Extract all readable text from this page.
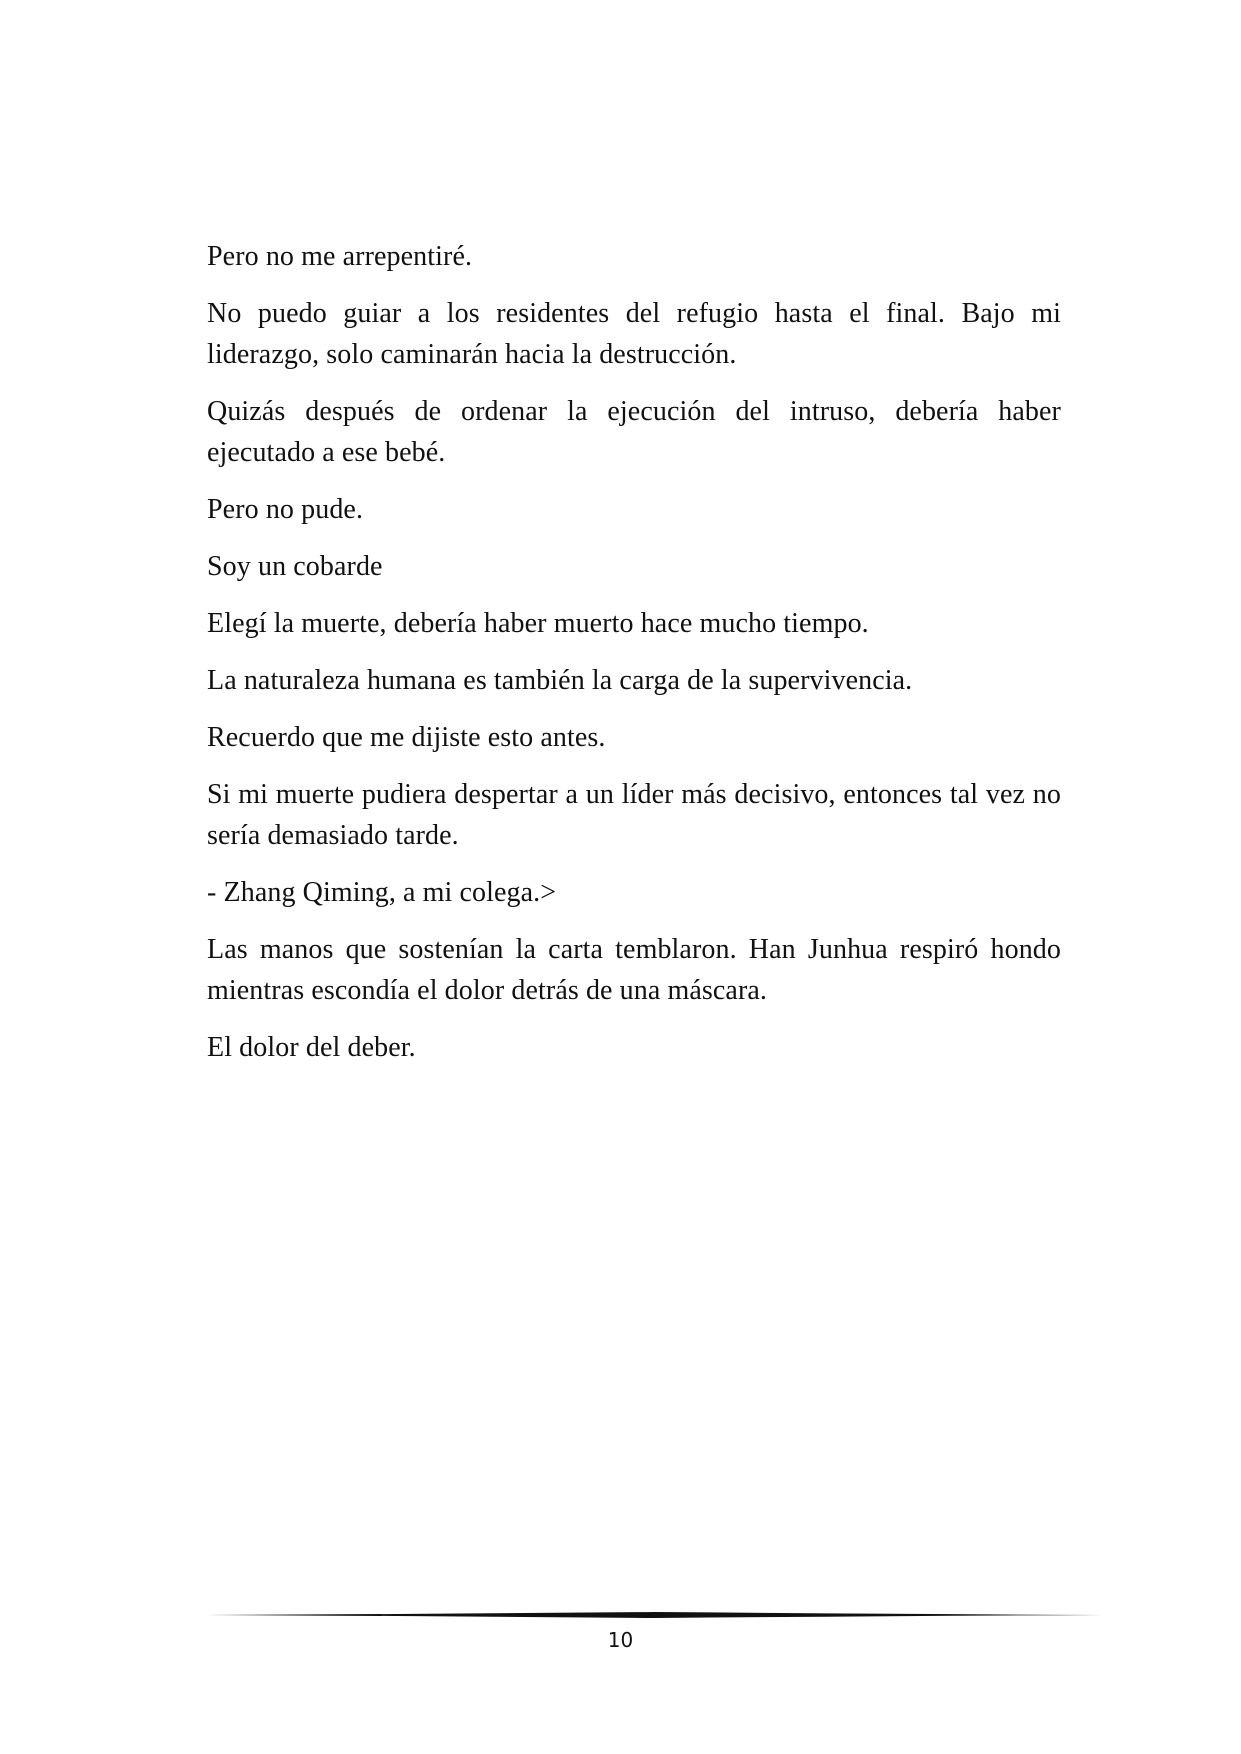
Pero no me arrepentiré.

No puedo guiar a los residentes del refugio hasta el final. Bajo mi liderazgo, solo caminarán hacia la destrucción.

Quizás después de ordenar la ejecución del intruso, debería haber ejecutado a ese bebé.

Pero no pude.

Soy un cobarde

Elegí la muerte, debería haber muerto hace mucho tiempo.

La naturaleza humana es también la carga de la supervivencia.

Recuerdo que me dijiste esto antes.

Si mi muerte pudiera despertar a un líder más decisivo, entonces tal vez no sería demasiado tarde.

- Zhang Qiming, a mi colega.>

Las manos que sostenían la carta temblaron. Han Junhua respiró hondo mientras escondía el dolor detrás de una máscara.

El dolor del deber.

10
